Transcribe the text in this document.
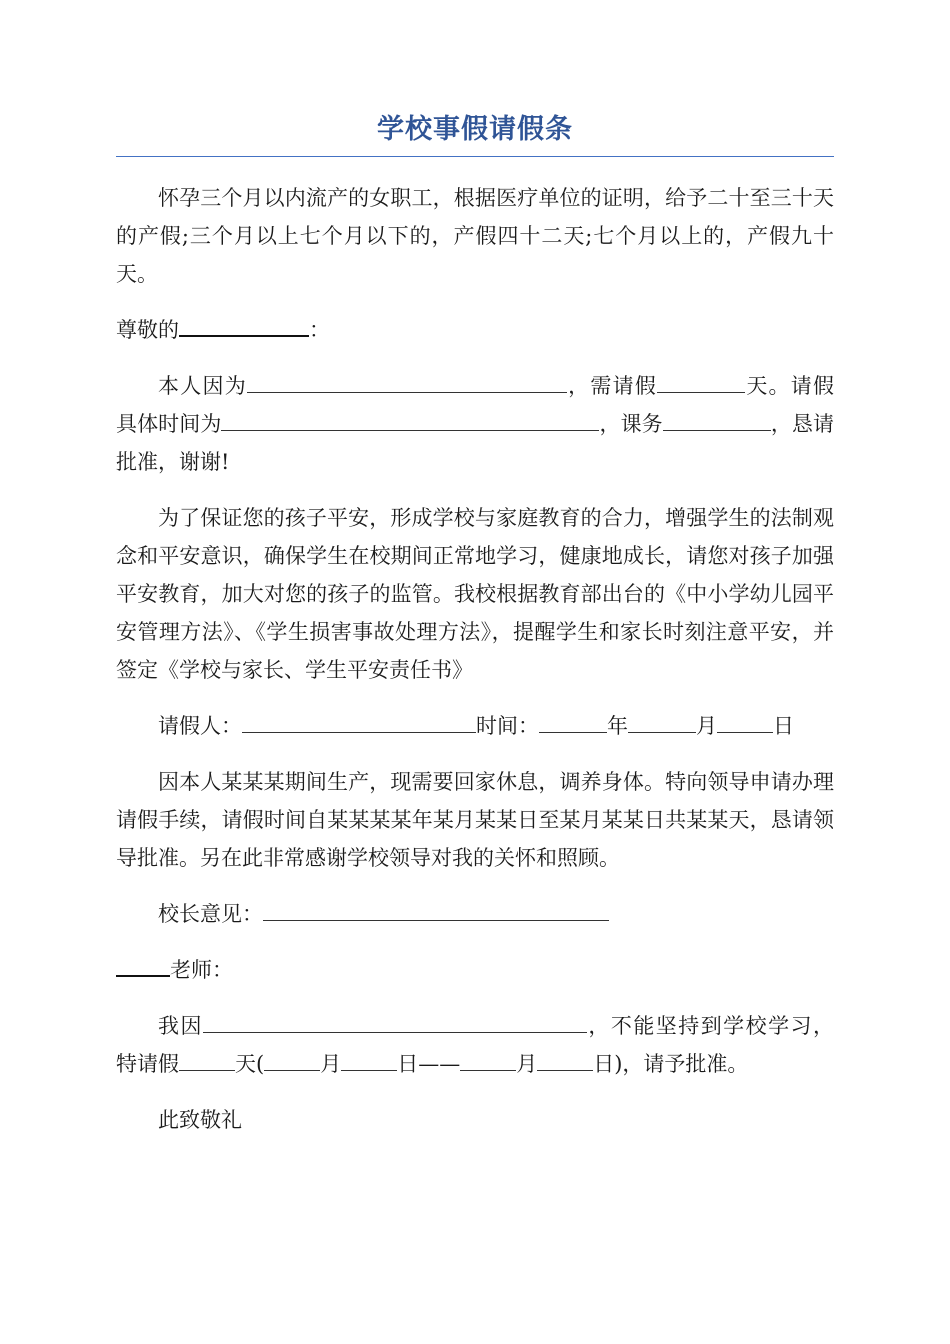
学校事假请假条

怀孕三个月以内流产的女职工，根据医疗单位的证明，给予二十至三十天的产假;三个月以上七个月以下的，产假四十二天;七个月以上的，产假九十天。

尊敬的	：

本人因为	，需请假	天。请假具体时间为	，课务	，恳请批准，谢谢!

为了保证您的孩子平安，形成学校与家庭教育的合力，增强学生的法制观念和平安意识，确保学生在校期间正常地学习，健康地成长，请您对孩子加强平安教育，加大对您的孩子的监管。我校根据教育部出台的《中小学幼儿园平安管理方法》、《学生损害事故处理方法》，提醒学生和家长时刻注意平安，并签定《学校与家长、学生平安责任书》

请假人：	时间：	年	月	日

因本人某某某期间生产，现需要回家休息，调养身体。特向领导申请办理请假手续，请假时间自某某某某年某月某某日至某月某某日共某某天，恳请领导批准。另在此非常感谢学校领导对我的关怀和照顾。

校长意见：

老师：

我因	，不能坚持到学校学习，特请假	天(	月	日——	月	日)，请予批准。

此致敬礼
